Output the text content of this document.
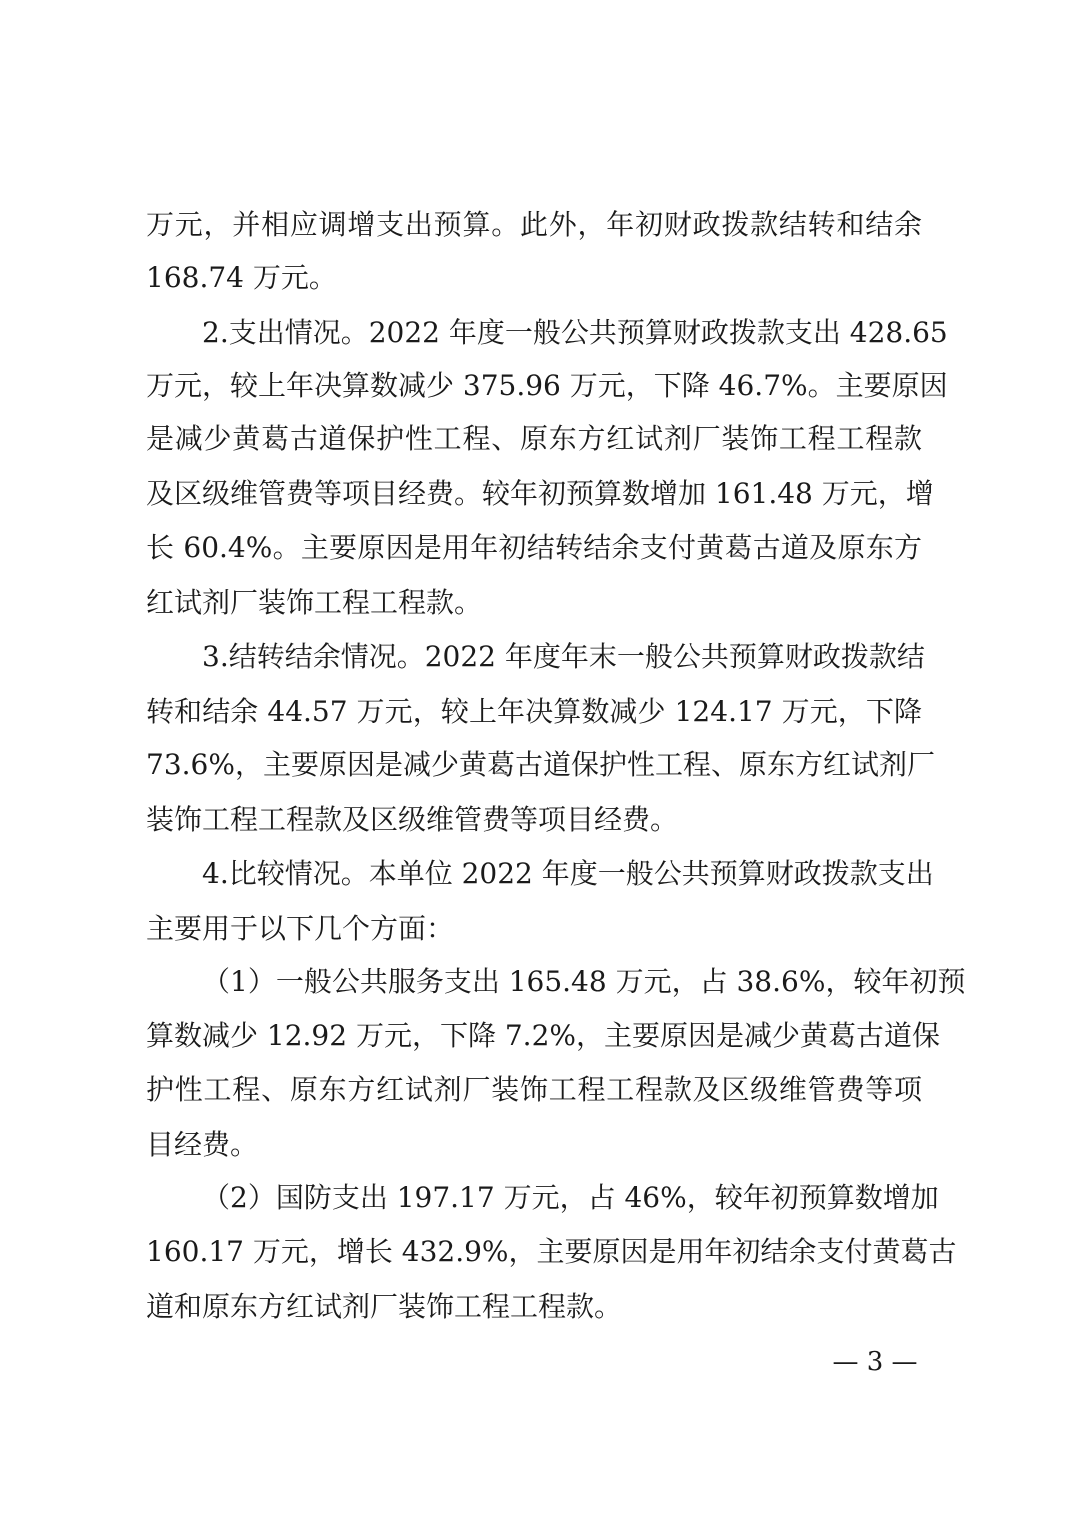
万元，并相应调增支出预算。此外，年初财政拨款结转和结余
168.74 万元。
2.支出情况。2022 年度一般公共预算财政拨款支出 428.65
万元，较上年决算数减少 375.96 万元，下降 46.7%。主要原因
是减少黄葛古道保护性工程、原东方红试剂厂装饰工程工程款
及区级维管费等项目经费。较年初预算数增加 161.48 万元，增
长 60.4%。主要原因是用年初结转结余支付黄葛古道及原东方
红试剂厂装饰工程工程款。
3.结转结余情况。2022 年度年末一般公共预算财政拨款结
转和结余 44.57 万元，较上年决算数减少 124.17 万元，下降
73.6%，主要原因是减少黄葛古道保护性工程、原东方红试剂厂
装饰工程工程款及区级维管费等项目经费。
4.比较情况。本单位 2022 年度一般公共预算财政拨款支出
主要用于以下几个方面：
（1）一般公共服务支出 165.48 万元，占 38.6%，较年初预
算数减少 12.92 万元，下降 7.2%，主要原因是减少黄葛古道保
护性工程、原东方红试剂厂装饰工程工程款及区级维管费等项
目经费。
（2）国防支出 197.17 万元，占 46%，较年初预算数增加
160.17 万元，增长 432.9%，主要原因是用年初结余支付黄葛古
道和原东方红试剂厂装饰工程工程款。
— 3 —
